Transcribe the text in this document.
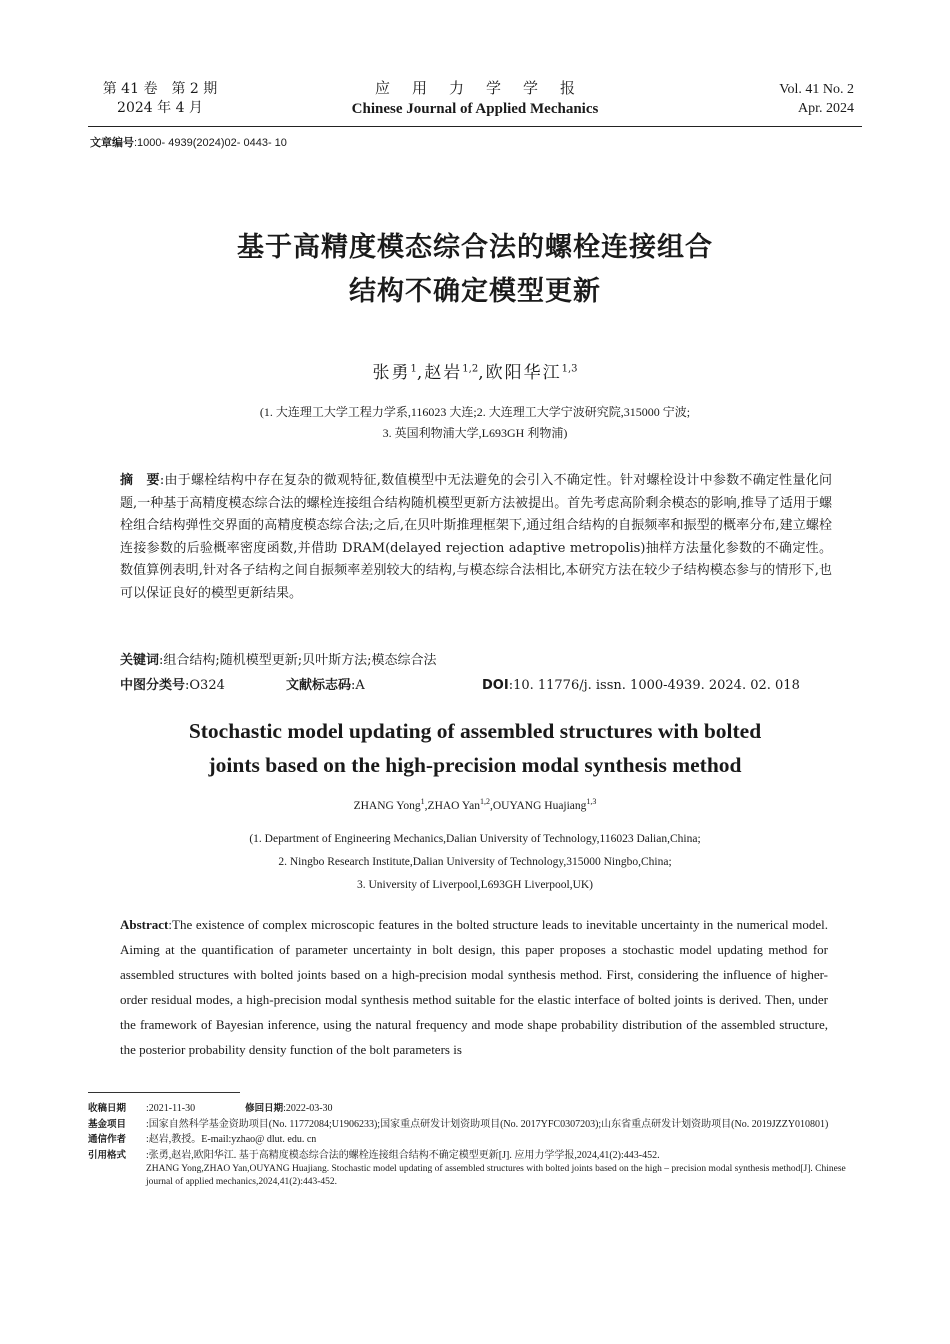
第 41 卷　第 2 期
2024 年 4 月
应用力学学报
Chinese Journal of Applied Mechanics
Vol. 41 No. 2
Apr. 2024
文章编号:1000- 4939(2024)02- 0443- 10
基于高精度模态综合法的螺栓连接组合
结构不确定模型更新
张勇$^1$,赵岩$^{1,2}$,欧阳华江$^{1,3}$
(1. 大连理工大学工程力学系,116023 大连;2. 大连理工大学宁波研究院,315000 宁波;
3. 英国利物浦大学,L693GH 利物浦)
摘　要:由于螺栓结构中存在复杂的微观特征,数值模型中无法避免的会引入不确定性。针对螺栓设计中参数不确定性量化问题,一种基于高精度模态综合法的螺栓连接组合结构随机模型更新方法被提出。首先考虑高阶剩余模态的影响,推导了适用于螺栓组合结构弹性交界面的高精度模态综合法;之后,在贝叶斯推理框架下,通过组合结构的自振频率和振型的概率分布,建立螺栓连接参数的后验概率密度函数,并借助 DRAM(delayed rejection adaptive metropolis)抽样方法量化参数的不确定性。数值算例表明,针对各子结构之间自振频率差别较大的结构,与模态综合法相比,本研究方法在较少子结构模态参与的情形下,也可以保证良好的模型更新结果。
关键词:组合结构;随机模型更新;贝叶斯方法;模态综合法
中图分类号:O324	文献标志码:A	DOI:10. 11776/j. issn. 1000-4939. 2024. 02. 018
Stochastic model updating of assembled structures with bolted
joints based on the high-precision modal synthesis method
ZHANG Yong$^1$,ZHAO Yan$^{1,2}$,OUYANG Huajiang$^{1,3}$
(1. Department of Engineering Mechanics,Dalian University of Technology,116023 Dalian,China;
2. Ningbo Research Institute,Dalian University of Technology,315000 Ningbo,China;
3. University of Liverpool,L693GH Liverpool,UK)
Abstract:The existence of complex microscopic features in the bolted structure leads to inevitable uncertainty in the numerical model. Aiming at the quantification of parameter uncertainty in bolt design, this paper proposes a stochastic model updating method for assembled structures with bolted joints based on a high-precision modal synthesis method. First, considering the influence of higher-order residual modes, a high-precision modal synthesis method suitable for the elastic interface of bolted joints is derived. Then, under the framework of Bayesian inference, using the natural frequency and mode shape probability distribution of the assembled structure, the posterior probability density function of the bolt parameters is
收稿日期	:2021-11-30	修回日期:2022-03-30
基金项目	:国家自然科学基金资助项目(No. 11772084;U1906233);国家重点研发计划资助项目(No. 2017YFC0307203);山东省重点研发计划资助项目(No. 2019JZZY010801)
通信作者	:赵岩,教授。E-mail:yzhao@ dlut. edu. cn
引用格式	:张勇,赵岩,欧阳华江. 基于高精度模态综合法的螺栓连接组合结构不确定模型更新[J]. 应用力学学报,2024,41(2):443-452.
ZHANG Yong,ZHAO Yan,OUYANG Huajiang. Stochastic model updating of assembled structures with bolted joints based on the high – precision modal synthesis method[J]. Chinese journal of applied mechanics,2024,41(2):443-452.
